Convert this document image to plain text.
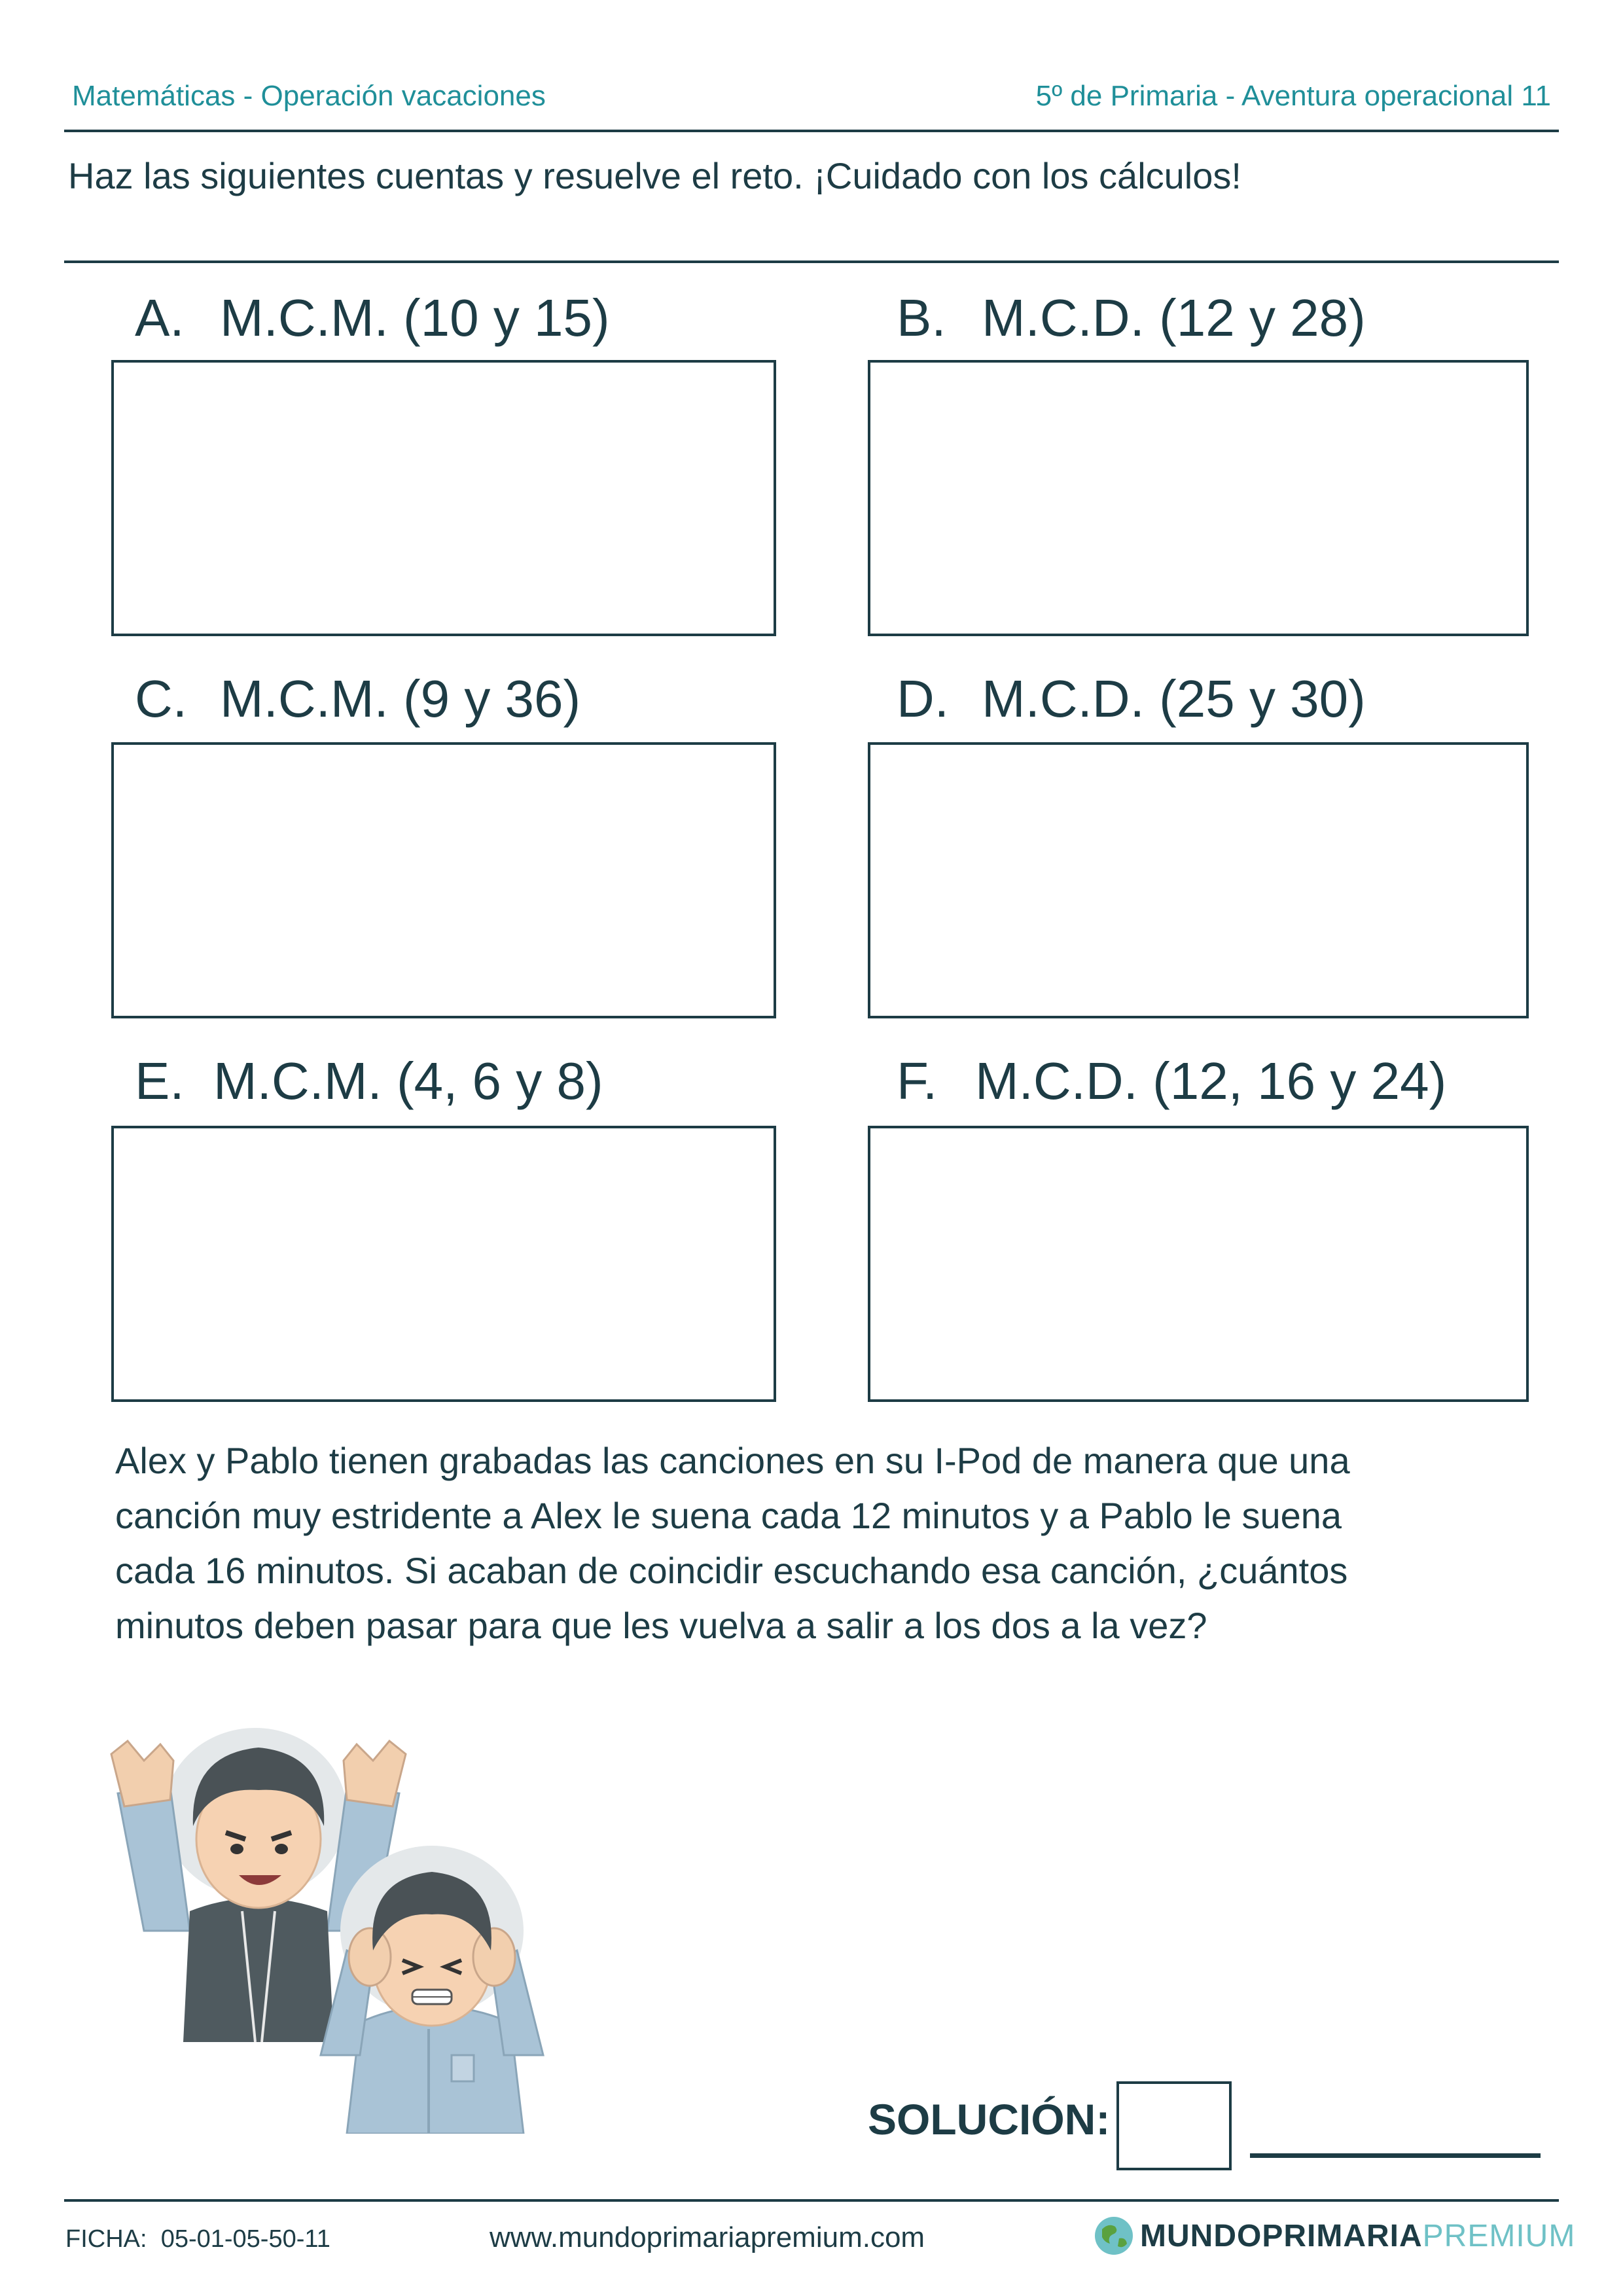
Matemáticas - Operación vacaciones	5º de Primaria - Aventura operacional 11
Haz las siguientes cuentas y resuelve el reto. ¡Cuidado con los cálculos!
A. M.C.M. (10 y 15)	B. M.C.D. (12 y 28)
C. M.C.M. (9 y 36)	D. M.C.D. (25 y 30)
E. M.C.M. (4, 6 y 8)	F. M.C.D. (12, 16 y 24)
Alex y Pablo tienen grabadas las canciones en su I-Pod de manera que una
canción muy estridente a Alex le suena cada 12 minutos y a Pablo le suena
cada 16 minutos. Si acaban de coincidir escuchando esa canción, ¿cuántos
minutos deben pasar para que les vuelva a salir a los dos a la vez?
SOLUCIÓN:
FICHA: 05-01-05-50-11	www.mundoprimariapremium.com	MUNDO PRIMARIA PREMIUM
